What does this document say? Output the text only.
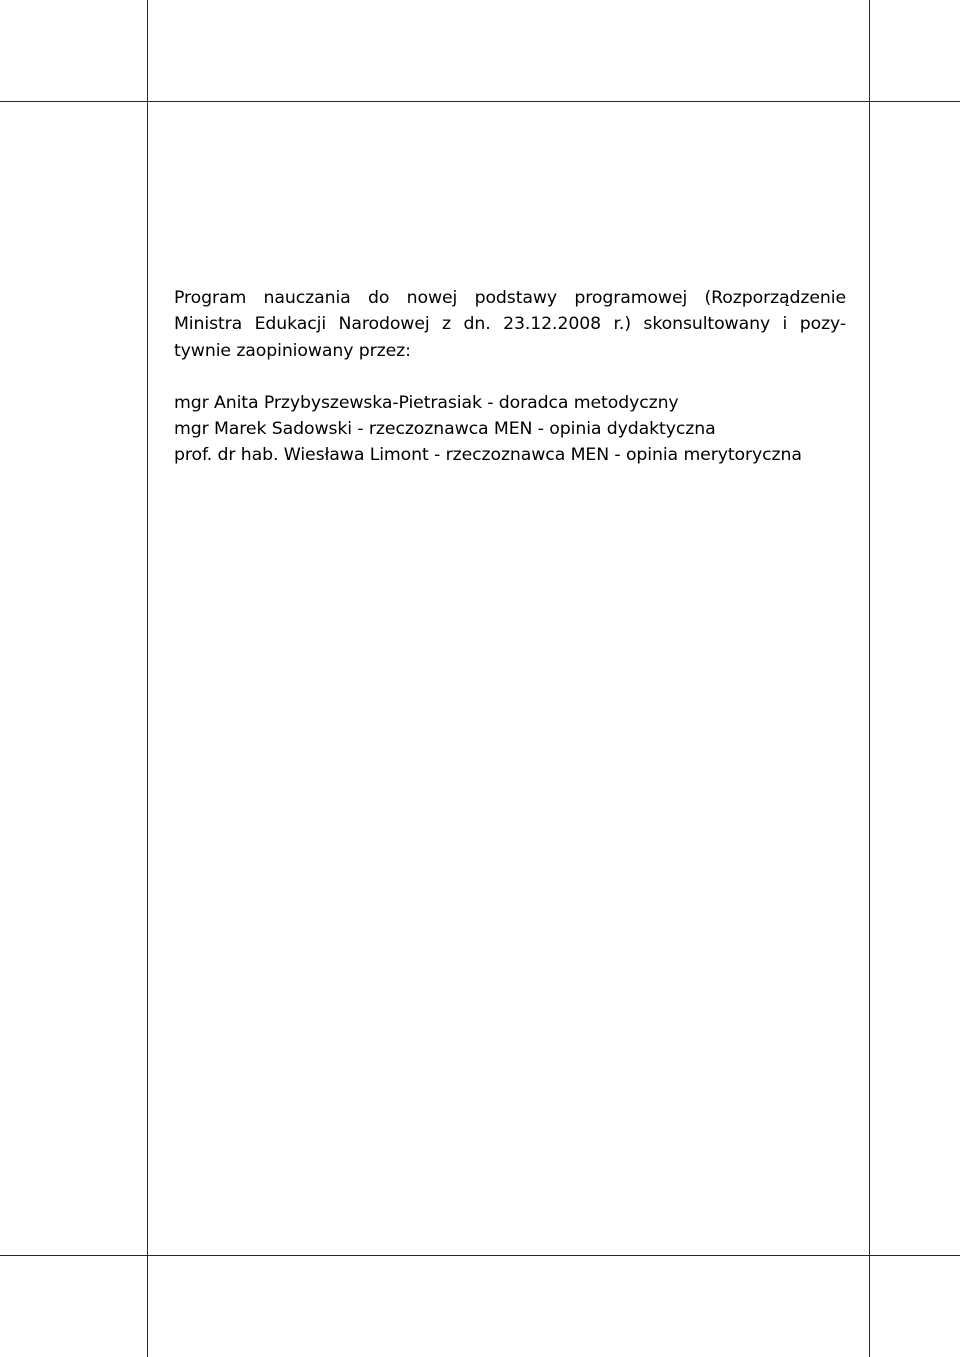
Program nauczania do nowej podstawy programowej (Rozporządzenie
Ministra Edukacji Narodowej z dn. 23.12.2008 r.) skonsultowany i pozy-
tywnie zaopiniowany przez:

mgr Anita Przybyszewska-Pietrasiak - doradca metodyczny
mgr Marek Sadowski - rzeczoznawca MEN - opinia dydaktyczna
prof. dr hab. Wiesława Limont - rzeczoznawca MEN - opinia merytoryczna
